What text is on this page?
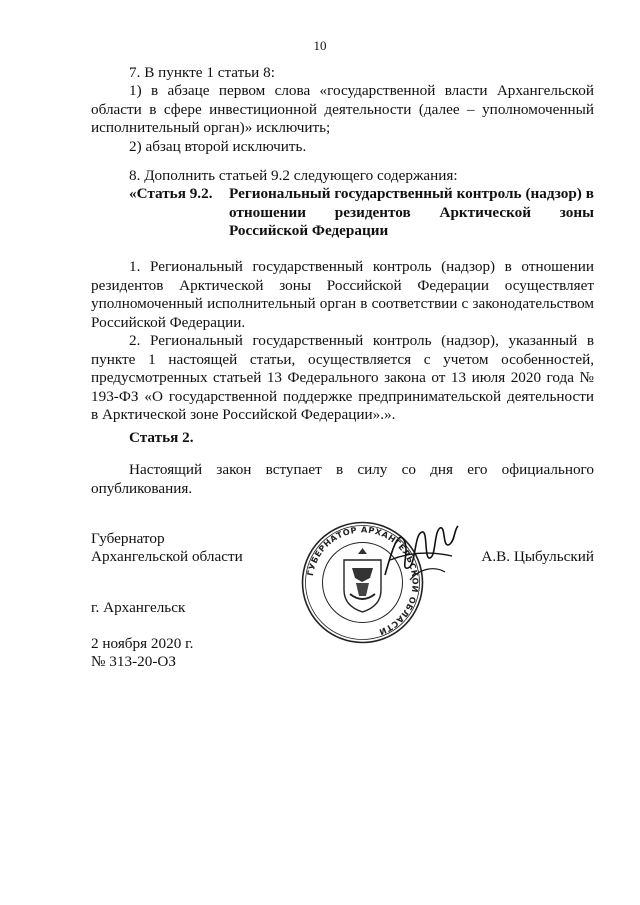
10
7. В пункте 1 статьи 8:
1) в абзаце первом слова «государственной власти Архангельской области в сфере инвестиционной деятельности (далее – уполномоченный исполнительный орган)» исключить;
2) абзац второй исключить.
8. Дополнить статьей 9.2 следующего содержания:
«Статья 9.2. Региональный государственный контроль (надзор) в отношении резидентов Арктической зоны Российской Федерации
1. Региональный государственный контроль (надзор) в отношении резидентов Арктической зоны Российской Федерации осуществляет уполномоченный исполнительный орган в соответствии с законодательством Российской Федерации.
2. Региональный государственный контроль (надзор), указанный в пункте 1 настоящей статьи, осуществляется с учетом особенностей, предусмотренных статьей 13 Федерального закона от 13 июля 2020 года № 193-ФЗ «О государственной поддержке предпринимательской деятельности в Арктической зоне Российской Федерации».».
Статья 2.
Настоящий закон вступает в силу со дня его официального опубликования.
Губернатор
Архангельской области	А.В. Цыбульский
ГУБЕРНАТОР АРХАНГЕЛЬСКОЙ ОБЛАСТИ
г. Архангельск
2 ноября 2020 г.
№ 313-20-ОЗ
